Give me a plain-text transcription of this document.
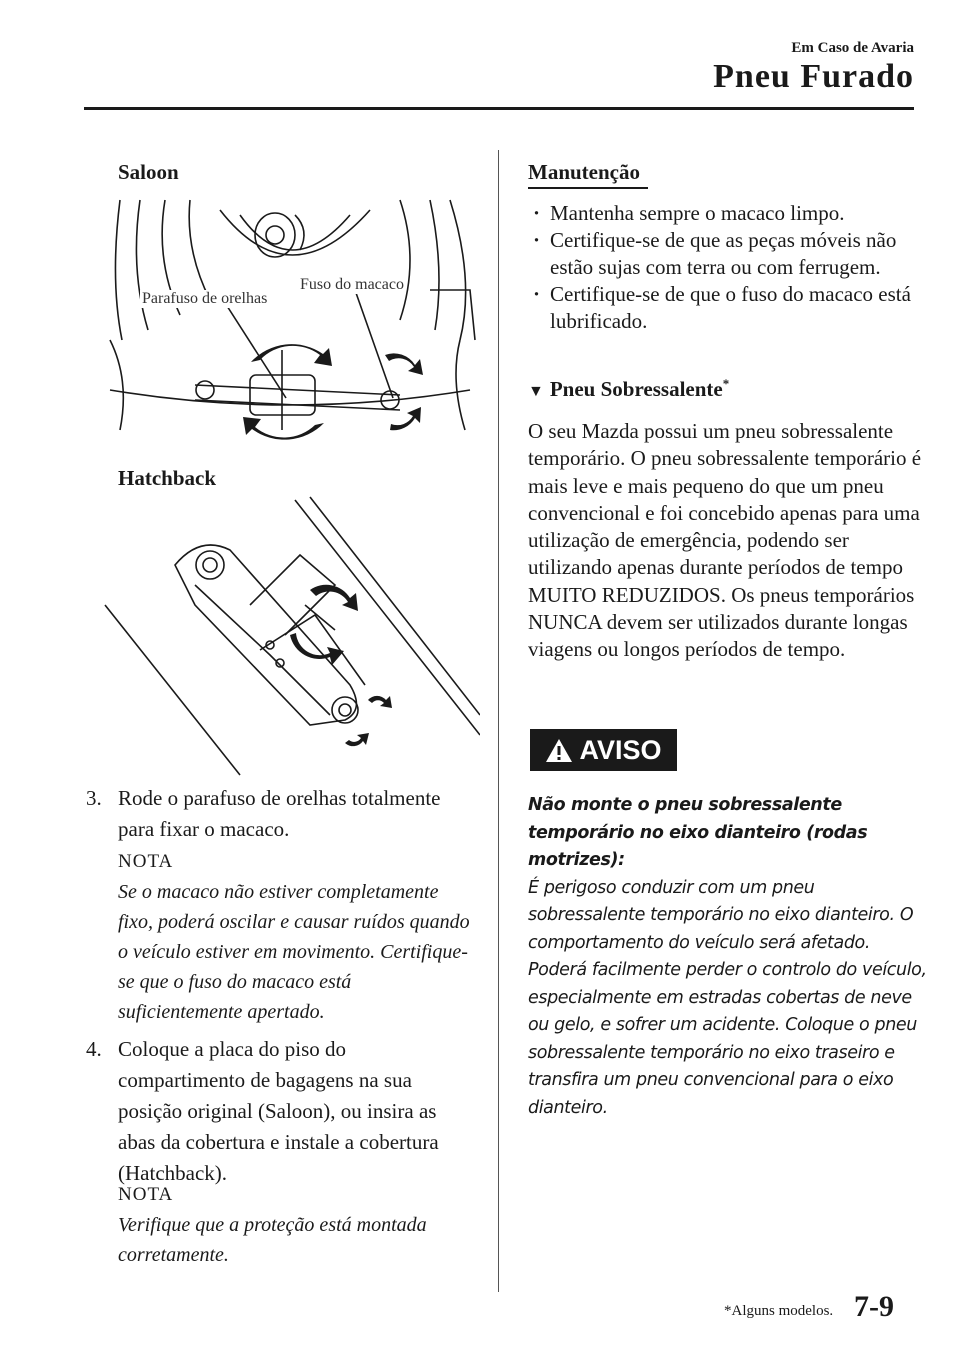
Em Caso de Avaria
Pneu Furado
Saloon
Parafuso de orelhas
Fuso do macaco
Hatchback
3. Rode o parafuso de orelhas totalmente para fixar o macaco.
NOTA
Se o macaco não estiver completamente fixo, poderá oscilar e causar ruídos quando o veículo estiver em movimento. Certifique-se que o fuso do macaco está suficientemente apertado.
4. Coloque a placa do piso do compartimento de bagagens na sua posição original (Saloon), ou insira as abas da cobertura e instale a cobertura (Hatchback).
NOTA
Verifique que a proteção está montada corretamente.
Manutenção
· Mantenha sempre o macaco limpo.
· Certifique-se de que as peças móveis não estão sujas com terra ou com ferrugem.
· Certifique-se de que o fuso do macaco está lubrificado.
▼ Pneu Sobressalente*
O seu Mazda possui um pneu sobressalente temporário. O pneu sobressalente temporário é mais leve e mais pequeno do que um pneu convencional e foi concebido apenas para uma utilização de emergência, podendo ser utilizando apenas durante períodos de tempo MUITO REDUZIDOS. Os pneus temporários NUNCA devem ser utilizados durante longas viagens ou longos períodos de tempo.
AVISO
Não monte o pneu sobressalente temporário no eixo dianteiro (rodas motrizes):
É perigoso conduzir com um pneu sobressalente temporário no eixo dianteiro. O comportamento do veículo será afetado. Poderá facilmente perder o controlo do veículo, especialmente em estradas cobertas de neve ou gelo, e sofrer um acidente. Coloque o pneu sobressalente temporário no eixo traseiro e transfira um pneu convencional para o eixo dianteiro.
*Alguns modelos. 7-9
